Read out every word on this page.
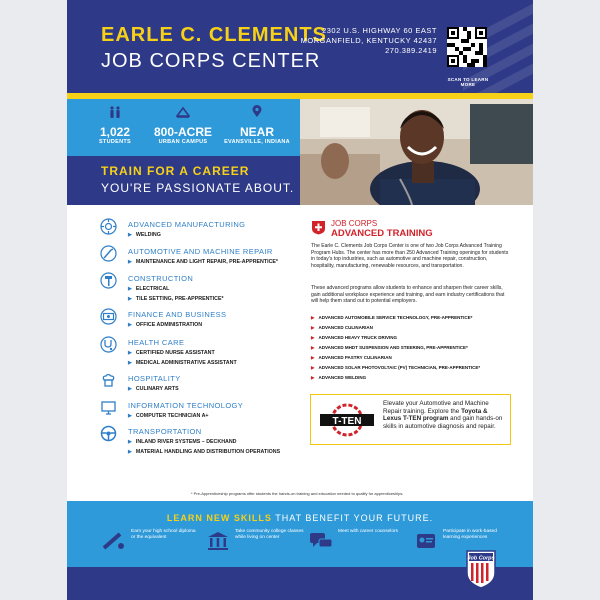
EARLE C. CLEMENTS
JOB CORPS CENTER
2302 U.S. HIGHWAY 60 EAST
MORGANFIELD, KENTUCKY 42437
270.389.2419
SCAN TO LEARN MORE
1,022
STUDENTS
800-ACRE
URBAN CAMPUS
NEAR
EVANSVILLE, INDIANA
TRAIN FOR A CAREER
YOU'RE PASSIONATE ABOUT.
ADVANCED MANUFACTURING
▶ WELDING
AUTOMOTIVE AND MACHINE REPAIR
▶ MAINTENANCE AND LIGHT REPAIR, PRE-APPRENTICE*
CONSTRUCTION
▶ ELECTRICAL
▶ TILE SETTING, PRE-APPRENTICE*
FINANCE AND BUSINESS
▶ OFFICE ADMINISTRATION
HEALTH CARE
▶ CERTIFIED NURSE ASSISTANT
▶ MEDICAL ADMINISTRATIVE ASSISTANT
HOSPITALITY
▶ CULINARY ARTS
INFORMATION TECHNOLOGY
▶ COMPUTER TECHNICIAN A+
TRANSPORTATION
▶ INLAND RIVER SYSTEMS – DECKHAND
▶ MATERIAL HANDLING AND DISTRIBUTION OPERATIONS
JOB CORPS
ADVANCED TRAINING
The Earle C. Clements Job Corps Center is one of two Job Corps Advanced Training Program Hubs. The center has more than 250 Advanced Training openings for students in today's top industries, such as automotive and machine repair, construction, hospitality, manufacturing, renewable resources, and transportation.
These advanced programs allow students to enhance and sharpen their career skills, gain additional workplace experience and training, and earn industry certifications that will help them stand out to potential employers.
▶ ADVANCED AUTOMOBILE SERVICE TECHNOLOGY, PRE-APPRENTICE*
▶ ADVANCED CULINARIAN
▶ ADVANCED HEAVY TRUCK DRIVING
▶ ADVANCED MHDT SUSPENSION AND STEERING, PRE-APPRENTICE*
▶ ADVANCED PASTRY CULINARIAN
▶ ADVANCED SOLAR PHOTOVOLTAIC (PV) TECHNICIAN, PRE-APPRENTICE*
▶ ADVANCED WELDING
T-TEN
Elevate your Automotive and Machine Repair training. Explore the Toyota & Lexus T-TEN program and gain hands-on skills in automotive diagnosis and repair.
* Pre-Apprenticeship programs offer students the hands-on training and education needed to qualify for apprenticeships.
LEARN NEW SKILLS THAT BENEFIT YOUR FUTURE.
Earn your high school diploma or the equivalent
Take community college classes while living on center
Meet with career counselors	Participate in work-based learning experiences
Job Corps
